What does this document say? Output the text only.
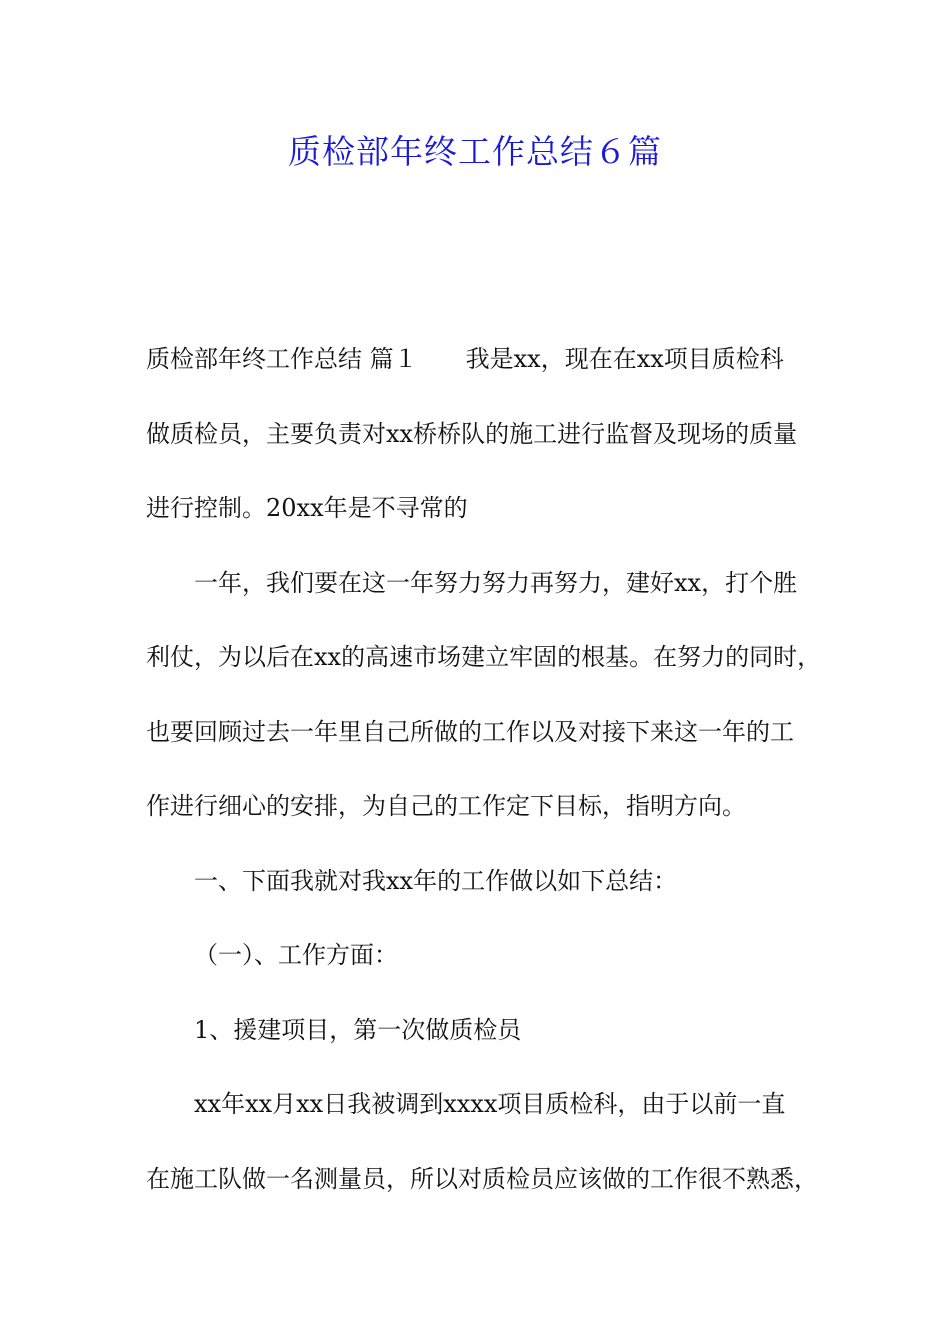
质检部年终工作总结６篇
质检部年终工作总结 篇１　　我是xx，现在在xx项目质检科
做质检员，主要负责对xx桥桥队的施工进行监督及现场的质量
进行控制。20xx年是不寻常的
一年，我们要在这一年努力努力再努力，建好xx，打个胜
利仗，为以后在xx的高速市场建立牢固的根基。在努力的同时，
也要回顾过去一年里自己所做的工作以及对接下来这一年的工
作进行细心的安排，为自己的工作定下目标，指明方向。
一、下面我就对我xx年的工作做以如下总结：
（一）、工作方面：
1、援建项目，第一次做质检员
xx年xx月xx日我被调到xxxx项目质检科，由于以前一直
在施工队做一名测量员，所以对质检员应该做的工作很不熟悉，
